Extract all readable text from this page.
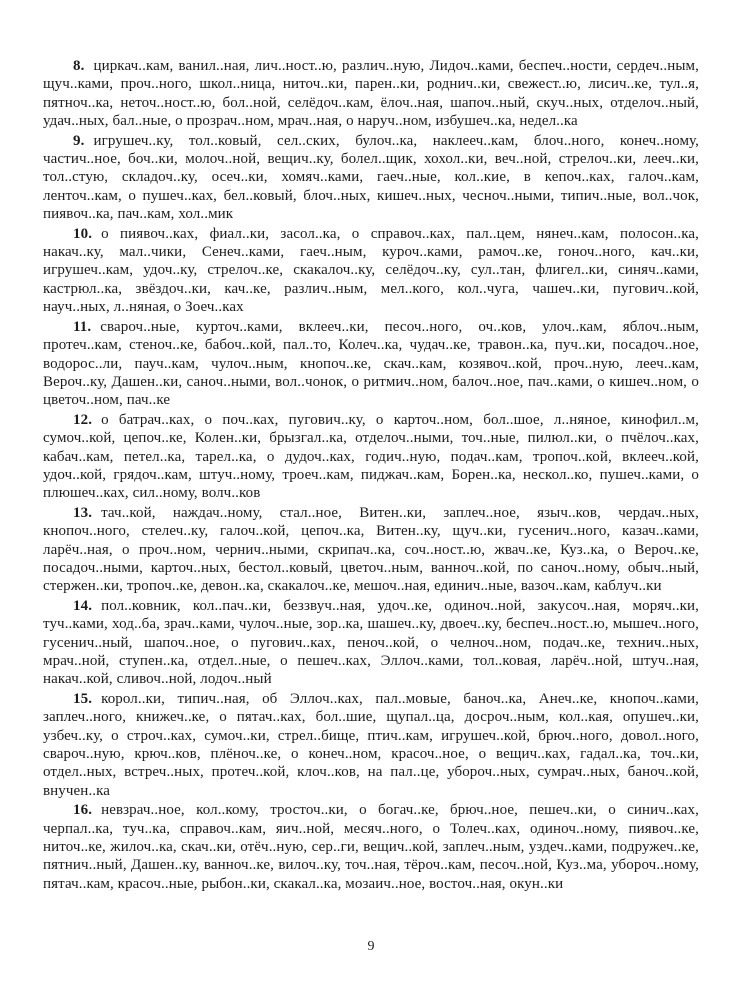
8. циркач..кам, ванил..ная, лич..ност..ю, различ..ную, Лидоч..ками, беспеч..ности, сердеч..ным, щуч..ками, проч..ного, школ..ница, ниточ..ки, парен..ки, роднич..ки, свежест..ю, лисич..ке, тул..я, пятноч..ка, неточ..ност..ю, бол..ной, селёдоч..кам, ёлоч..ная, шапоч..ный, скуч..ных, отделоч..ный, удач..ных, бал..ные, о прозрач..ном, мрач..ная, о наруч..ном, избушеч..ка, недел..ка

9. игрушеч..ку, тол..ковый, сел..ских, булоч..ка, наклееч..кам, блоч..ного, конеч..ному, частич..ное, боч..ки, молоч..ной, вещич..ку, болел..щик, хохол..ки, веч..ной, стрелоч..ки, лееч..ки, тол..стую, складоч..ку, осеч..ки, хомяч..ками, гаеч..ные, кол..кие, в кепоч..ках, галоч..кам, ленточ..кам, о пушеч..ках, бел..ковый, блоч..ных, кишеч..ных, чесноч..ными, типич..ные, вол..чок, пиявоч..ка, пач..кам, хол..мик

10. о пиявоч..ках, фиал..ки, засол..ка, о справоч..ках, пал..цем, нянеч..кам, полосон..ка, накач..ку, мал..чики, Сенеч..ками, гаеч..ным, куроч..ками, рамоч..ке, гоноч..ного, кач..ки, игрушеч..кам, удоч..ку, стрелоч..ке, скакалоч..ку, селёдоч..ку, сул..тан, флигел..ки, синяч..ками, кастрюл..ка, звёздоч..ки, кач..ке, различ..ным, мел..кого, кол..чуга, чашеч..ки, пугович..кой, науч..ных, л..няная, о Зоеч..ках

11. свароч..ные, курточ..ками, вклееч..ки, песоч..ного, оч..ков, улоч..кам, яблоч..ным, протеч..кам, стеноч..ке, бабоч..кой, пал..то, Колеч..ка, чудач..ке, травон..ка, пуч..ки, посадоч..ное, водорос..ли, пауч..кам, чулоч..ным, кнопоч..ке, скач..кам, козявоч..кой, проч..ную, лееч..кам, Вероч..ку, Дашен..ки, саноч..ными, вол..чонок, о ритмич..ном, балоч..ное, пач..ками, о кишеч..ном, о цветоч..ном, пач..ке

12. о батрач..ках, о поч..ках, пугович..ку, о карточ..ном, бол..шое, л..няное, кинофил..м, сумоч..кой, цепоч..ке, Колен..ки, брызгал..ка, отделоч..ными, точ..ные, пилюл..ки, о пчёлоч..ках, кабач..кам, петел..ка, тарел..ка, о дудоч..ках, годич..ную, подач..кам, тропоч..кой, вклееч..кой, удоч..кой, грядоч..кам, штуч..ному, троеч..кам, пиджач..кам, Борен..ка, нескол..ко, пушеч..ками, о плюшеч..ках, сил..ному, волч..ков

13. тач..кой, наждач..ному, стал..ное, Витен..ки, заплеч..ное, языч..ков, чердач..ных, кнопоч..ного, стелеч..ку, галоч..кой, цепоч..ка, Витен..ку, щуч..ки, гусенич..ного, казач..ками, ларёч..ная, о проч..ном, чернич..ными, скрипач..ка, соч..ност..ю, жвач..ке, Куз..ка, о Вероч..ке, посадоч..ными, карточ..ных, бестол..ковый, цветоч..ным, ванноч..кой, по саноч..ному, обыч..ный, стержен..ки, тропоч..ке, девон..ка, скакалоч..ке, мешоч..ная, единич..ные, вазоч..кам, каблуч..ки

14. пол..ковник, кол..пач..ки, беззвуч..ная, удоч..ке, одиноч..ной, закусоч..ная, моряч..ки, туч..ками, ход..ба, зрач..ками, чулоч..ные, зор..ка, шашеч..ку, двоеч..ку, беспеч..ност..ю, мышеч..ного, гусенич..ный, шапоч..ное, о пугович..ках, пеноч..кой, о челноч..ном, подач..ке, технич..ных, мрач..ной, ступен..ка, отдел..ные, о пешеч..ках, Эллоч..ками, тол..ковая, ларёч..ной, штуч..ная, накач..кой, сливоч..ной, лодоч..ный

15. корол..ки, типич..ная, об Эллоч..ках, пал..мовые, баноч..ка, Анеч..ке, кнопоч..ками, заплеч..ного, книжеч..ке, о пятач..ках, бол..шие, щупал..ца, досроч..ным, кол..кая, опушеч..ки, узбеч..ку, о строч..ках, сумоч..ки, стрел..бище, птич..кам, игрушеч..кой, брюч..ного, довол..ного, свароч..ную, крюч..ков, плёноч..ке, о конеч..ном, красоч..ное, о вещич..ках, гадал..ка, точ..ки, отдел..ных, встреч..ных, протеч..кой, клоч..ков, на пал..це, убороч..ных, сумрач..ных, баноч..кой, внучен..ка

16. невзрач..ное, кол..кому, тросточ..ки, о богач..ке, брюч..ное, пешеч..ки, о синич..ках, черпал..ка, туч..ка, справоч..кам, яич..ной, месяч..ного, о Толеч..ках, одиноч..ному, пиявоч..ке, ниточ..ке, жилоч..ка, скач..ки, отёч..ную, сер..ги, вещич..кой, заплеч..ным, уздеч..ками, подружеч..ке, пятнич..ный, Дашен..ку, ванноч..ке, вилоч..ку, точ..ная, тёроч..кам, песоч..ной, Куз..ма, убороч..ному, пятач..кам, красоч..ные, рыбон..ки, скакал..ка, мозаич..ное, восточ..ная, окун..ки

9
